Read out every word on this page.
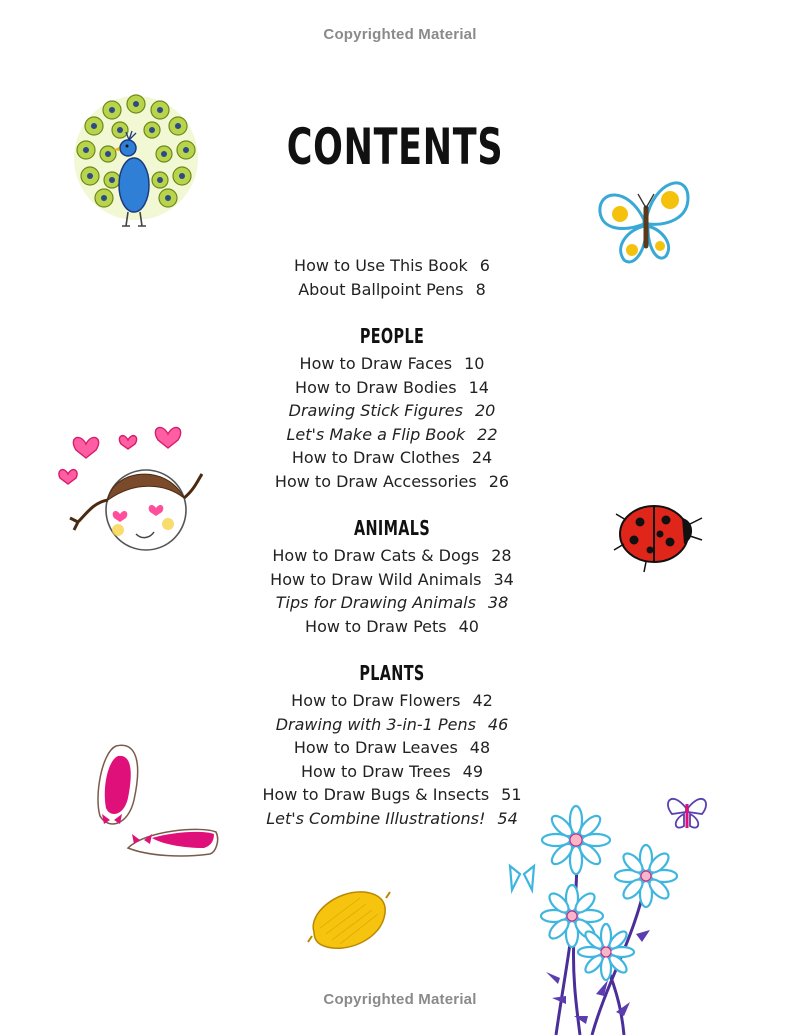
Copyrighted Material
CONTENTS
How to Use This Book 6
About Ballpoint Pens 8
PEOPLE
How to Draw Faces 10
How to Draw Bodies 14
Drawing Stick Figures 20
Let's Make a Flip Book 22
How to Draw Clothes 24
How to Draw Accessories 26
ANIMALS
How to Draw Cats & Dogs 28
How to Draw Wild Animals 34
Tips for Drawing Animals 38
How to Draw Pets 40
PLANTS
How to Draw Flowers 42
Drawing with 3-in-1 Pens 46
How to Draw Leaves 48
How to Draw Trees 49
How to Draw Bugs & Insects 51
Let's Combine Illustrations! 54
Copyrighted Material
